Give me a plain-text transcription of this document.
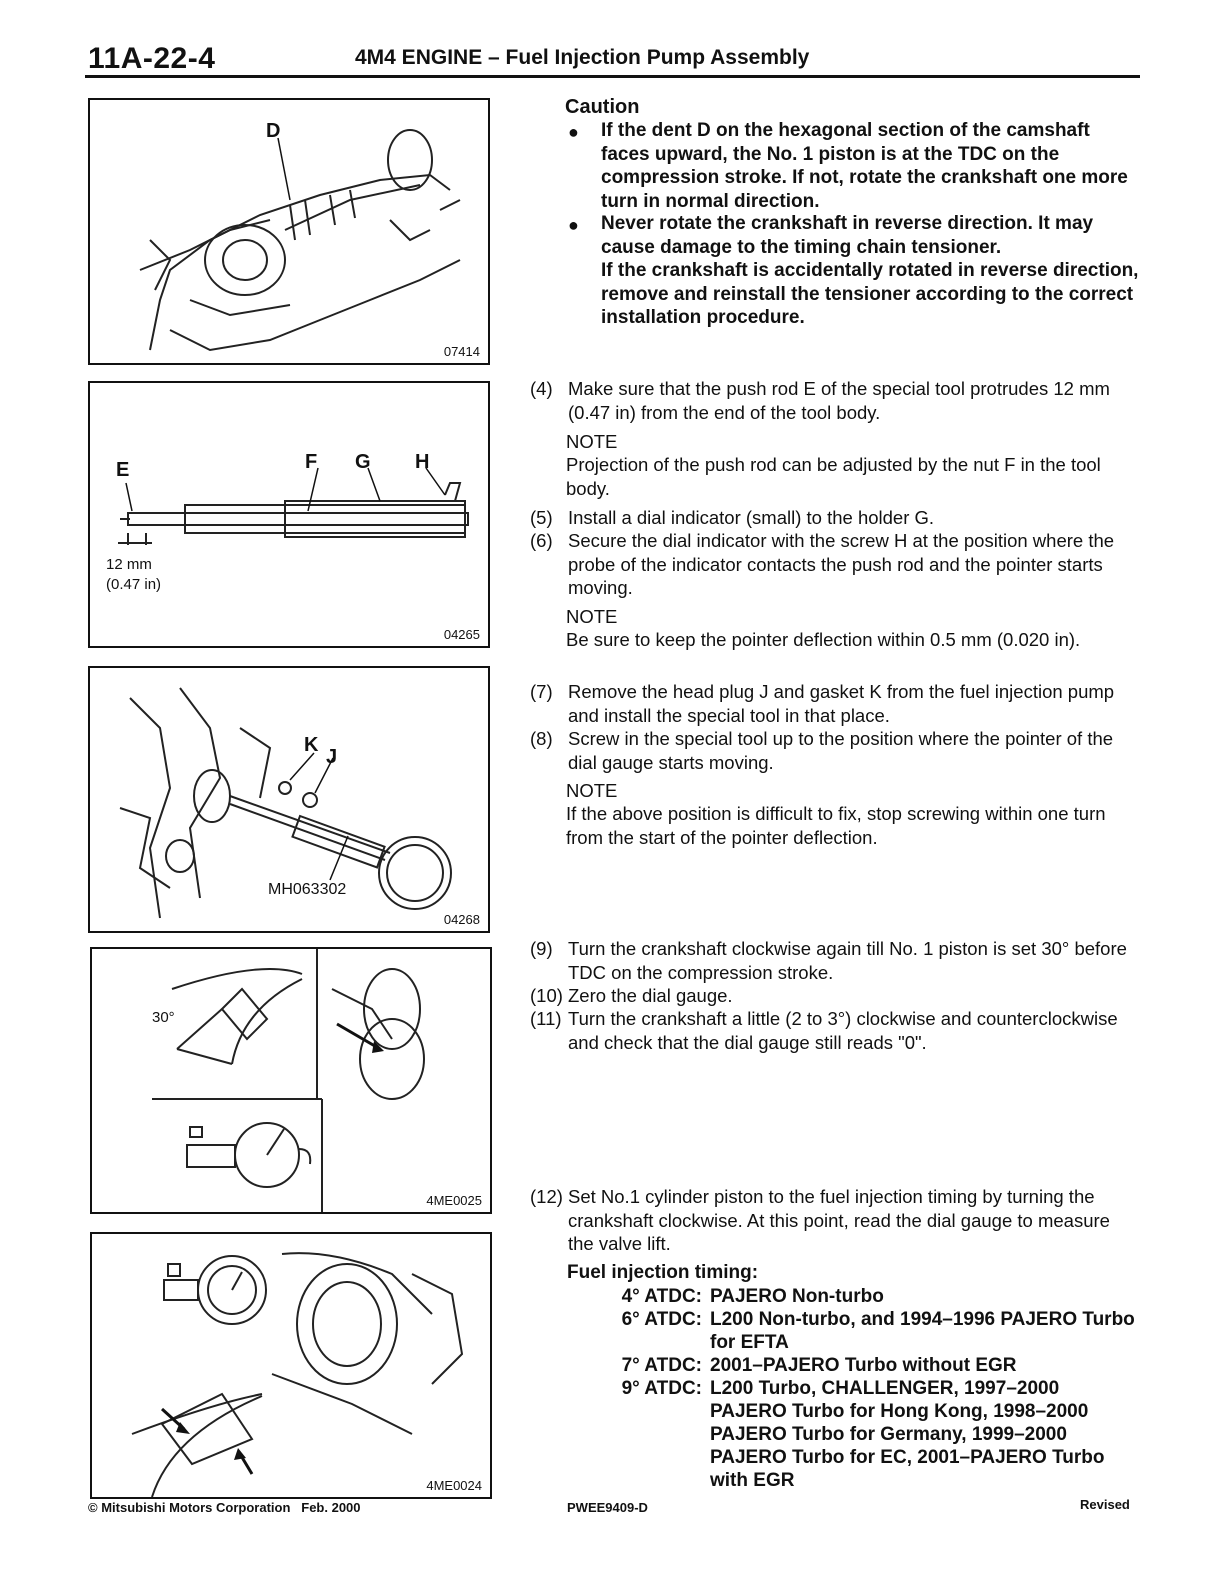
11A-22-4	4M4 ENGINE – Fuel Injection Pump Assembly
D
07414
E	F G H
12 mm
(0.47 in)
04265
K
J
MH063302
04268
30°
4ME0025
4ME0024
Caution
● If the dent D on the hexagonal section of the camshaft faces upward, the No. 1 piston is at the TDC on the compression stroke. If not, rotate the crankshaft one more turn in normal direction.
● Never rotate the crankshaft in reverse direction. It may cause damage to the timing chain tensioner.
If the crankshaft is accidentally rotated in reverse direction, remove and reinstall the tensioner according to the correct installation procedure.
(4) Make sure that the push rod E of the special tool protrudes 12 mm (0.47 in) from the end of the tool body.
NOTE
Projection of the push rod can be adjusted by the nut F in the tool body.
(5) Install a dial indicator (small) to the holder G.
(6) Secure the dial indicator with the screw H at the position where the probe of the indicator contacts the push rod and the pointer starts moving.
NOTE
Be sure to keep the pointer deflection within 0.5 mm (0.020 in).
(7) Remove the head plug J and gasket K from the fuel injection pump and install the special tool in that place.
(8) Screw in the special tool up to the position where the pointer of the dial gauge starts moving.
NOTE
If the above position is difficult to fix, stop screwing within one turn from the start of the pointer deflection.
(9) Turn the crankshaft clockwise again till No. 1 piston is set 30° before TDC on the compression stroke.
(10) Zero the dial gauge.
(11) Turn the crankshaft a little (2 to 3°) clockwise and counterclockwise and check that the dial gauge still reads "0".
(12) Set No.1 cylinder piston to the fuel injection timing by turning the crankshaft clockwise. At this point, read the dial gauge to measure the valve lift.
Fuel injection timing:
4° ATDC: PAJERO Non-turbo
6° ATDC: L200 Non-turbo, and 1994–1996 PAJERO Turbo for EFTA
7° ATDC: 2001–PAJERO Turbo without EGR
9° ATDC: L200 Turbo, CHALLENGER, 1997–2000 PAJERO Turbo for Hong Kong, 1998–2000 PAJERO Turbo for Germany, 1999–2000 PAJERO Turbo for EC, 2001–PAJERO Turbo with EGR
© Mitsubishi Motors Corporation Feb. 2000	PWEE9409-D	Revised
